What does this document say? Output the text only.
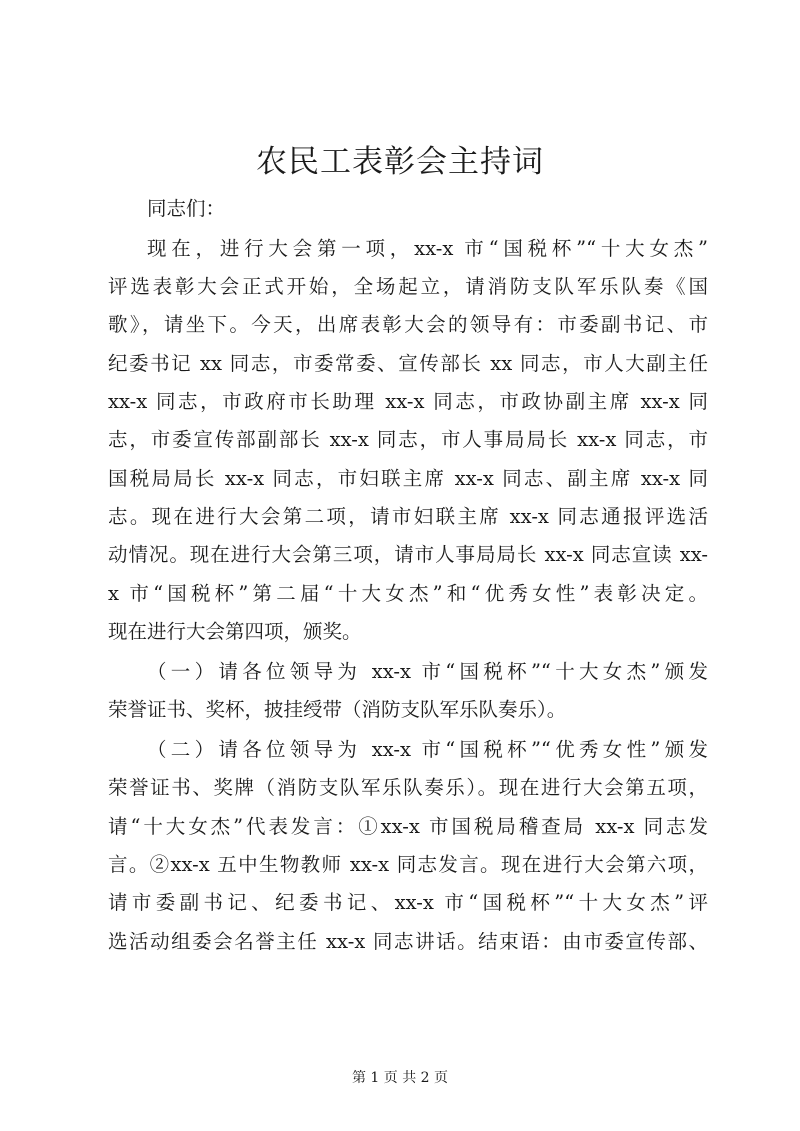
农民工表彰会主持词

同志们：

现在，进行大会第一项，xx-x 市“国税杯”“十大女杰”

评选表彰大会正式开始，全场起立，请消防支队军乐队奏《国

歌》，请坐下。今天，出席表彰大会的领导有：市委副书记、市

纪委书记 xx 同志，市委常委、宣传部长 xx 同志，市人大副主任

xx-x 同志，市政府市长助理 xx-x 同志，市政协副主席 xx-x 同

志，市委宣传部副部长 xx-x 同志，市人事局局长 xx-x 同志，市

国税局局长 xx-x 同志，市妇联主席 xx-x 同志、副主席 xx-x 同

志。现在进行大会第二项，请市妇联主席 xx-x 同志通报评选活

动情况。现在进行大会第三项，请市人事局局长 xx-x 同志宣读 xx-

x 市“国税杯”第二届“十大女杰”和“优秀女性”表彰决定。

现在进行大会第四项，颁奖。

（一）请各位领导为 xx-x 市“国税杯”“十大女杰”颁发

荣誉证书、奖杯，披挂绶带（消防支队军乐队奏乐）。

（二）请各位领导为 xx-x 市“国税杯”“优秀女性”颁发

荣誉证书、奖牌（消防支队军乐队奏乐）。现在进行大会第五项，

请“十大女杰”代表发言：①xx-x 市国税局稽查局 xx-x 同志发

言。②xx-x 五中生物教师 xx-x 同志发言。现在进行大会第六项，

请市委副书记、纪委书记、xx-x 市“国税杯”“十大女杰”评

选活动组委会名誉主任 xx-x 同志讲话。结束语：由市委宣传部、

第 1 页 共 2 页
